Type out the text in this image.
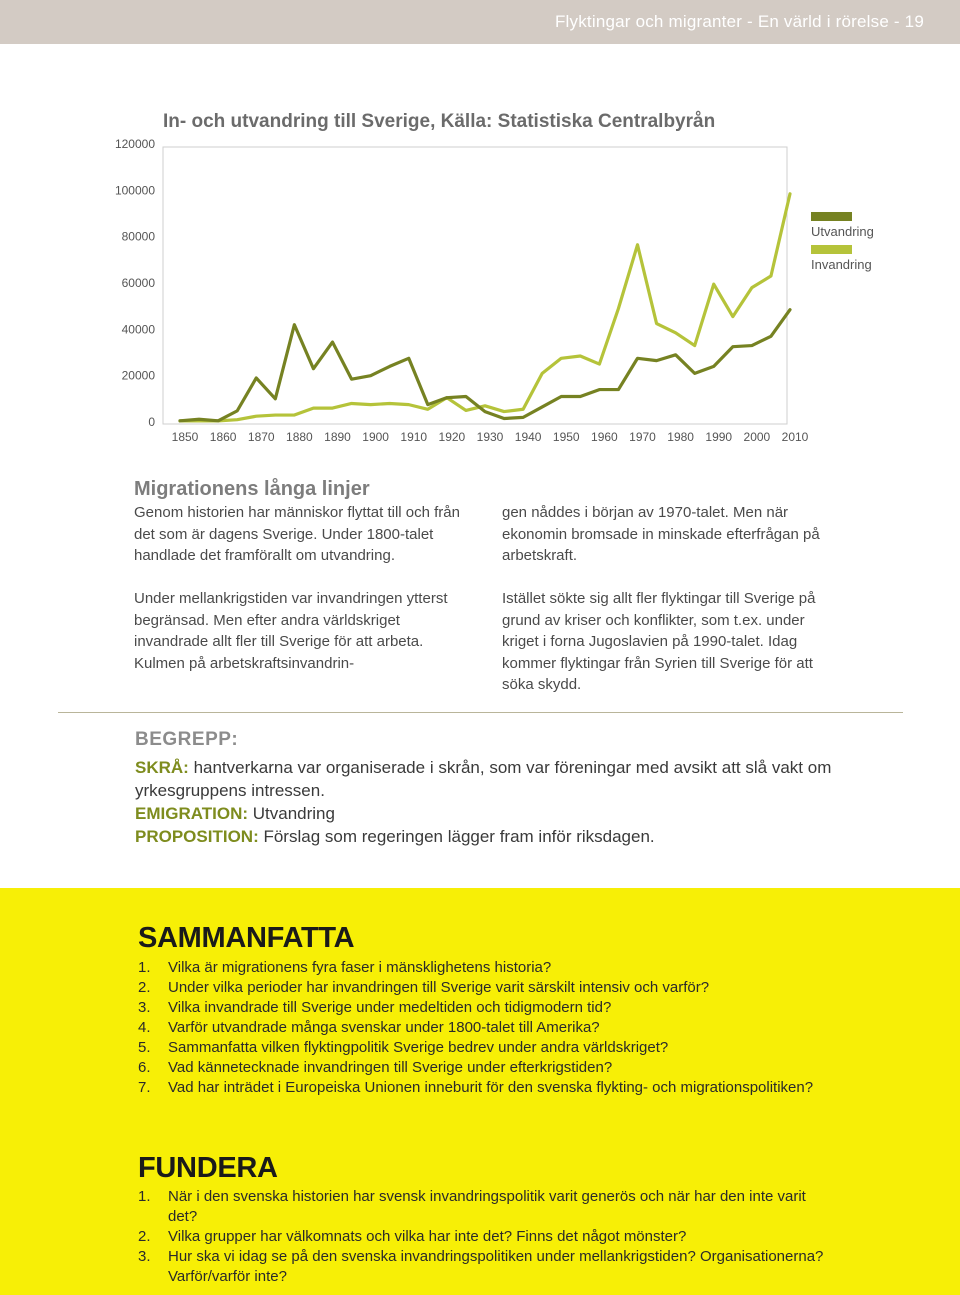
Flyktingar och migranter - En värld i rörelse - 19
In- och utvandring till Sverige, Källa: Statistiska Centralbyrån
120000
100000
80000
60000
40000
20000
0
1850 1860 1870 1880 1890 1900 1910 1920 1930 1940 1950 1960 1970 1980 1990 2000 2010
Utvandring
Invandring
Migrationens långa linjer

Genom historien har människor flyttat till och från det som är dagens Sverige. Under 1800-talet handlade det framförallt om utvandring.

Under mellankrigstiden var invandringen ytterst begränsad. Men efter andra världskriget invandrade allt fler till Sverige för att arbeta. Kulmen på arbetskraftsinvandrin-

gen nåddes i början av 1970-talet. Men när ekonomin bromsade in minskade efterfrågan på arbetskraft.

Istället sökte sig allt fler flyktingar till Sverige på grund av kriser och konflikter, som t.ex. under kriget i forna Jugoslavien på 1990-talet. Idag kommer flyktingar från Syrien till Sverige för att söka skydd.

BEGREPP:
SKRÅ: hantverkarna var organiserade i skrån, som var föreningar med avsikt att slå vakt om yrkesgruppens intressen.
EMIGRATION: Utvandring
PROPOSITION: Förslag som regeringen lägger fram inför riksdagen.
SAMMANFATTA
1. Vilka är migrationens fyra faser i mänsklighetens historia?
2. Under vilka perioder har invandringen till Sverige varit särskilt intensiv och varför?
3. Vilka invandrade till Sverige under medeltiden och tidigmodern tid?
4. Varför utvandrade många svenskar under 1800-talet till Amerika?
5. Sammanfatta vilken flyktingpolitik Sverige bedrev under andra världskriget?
6. Vad kännetecknade invandringen till Sverige under efterkrigstiden?
7. Vad har inträdet i Europeiska Unionen inneburit för den svenska flykting- och migrationspolitiken?
FUNDERA
1. När i den svenska historien har svensk invandringspolitik varit generös och när har den inte varit det?
2. Vilka grupper har välkomnats och vilka har inte det? Finns det något mönster?
3. Hur ska vi idag se på den svenska invandringspolitiken under mellankrigstiden? Organisationerna? Varför/varför inte?
